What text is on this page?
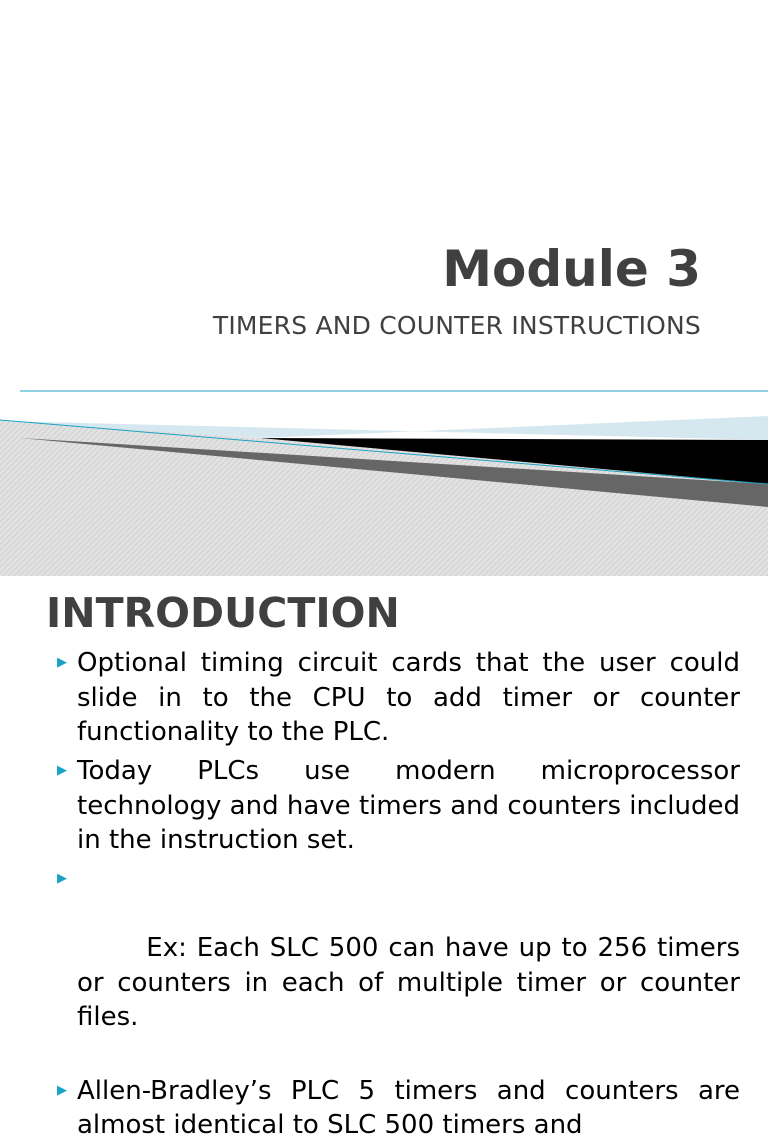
Module 3
TIMERS AND COUNTER INSTRUCTIONS
INTRODUCTION
▶ Optional timing circuit cards that the user could slide in to the CPU to add timer or counter functionality to the PLC.
▶ Today PLCs use modern microprocessor technology and have timers and counters included in the instruction set.

▶

Ex: Each SLC 500 can have up to 256 timers or counters in each of multiple timer or counter files.

▶ Allen-Bradley’s PLC 5 timers and counters are almost identical to SLC 500 timers and
